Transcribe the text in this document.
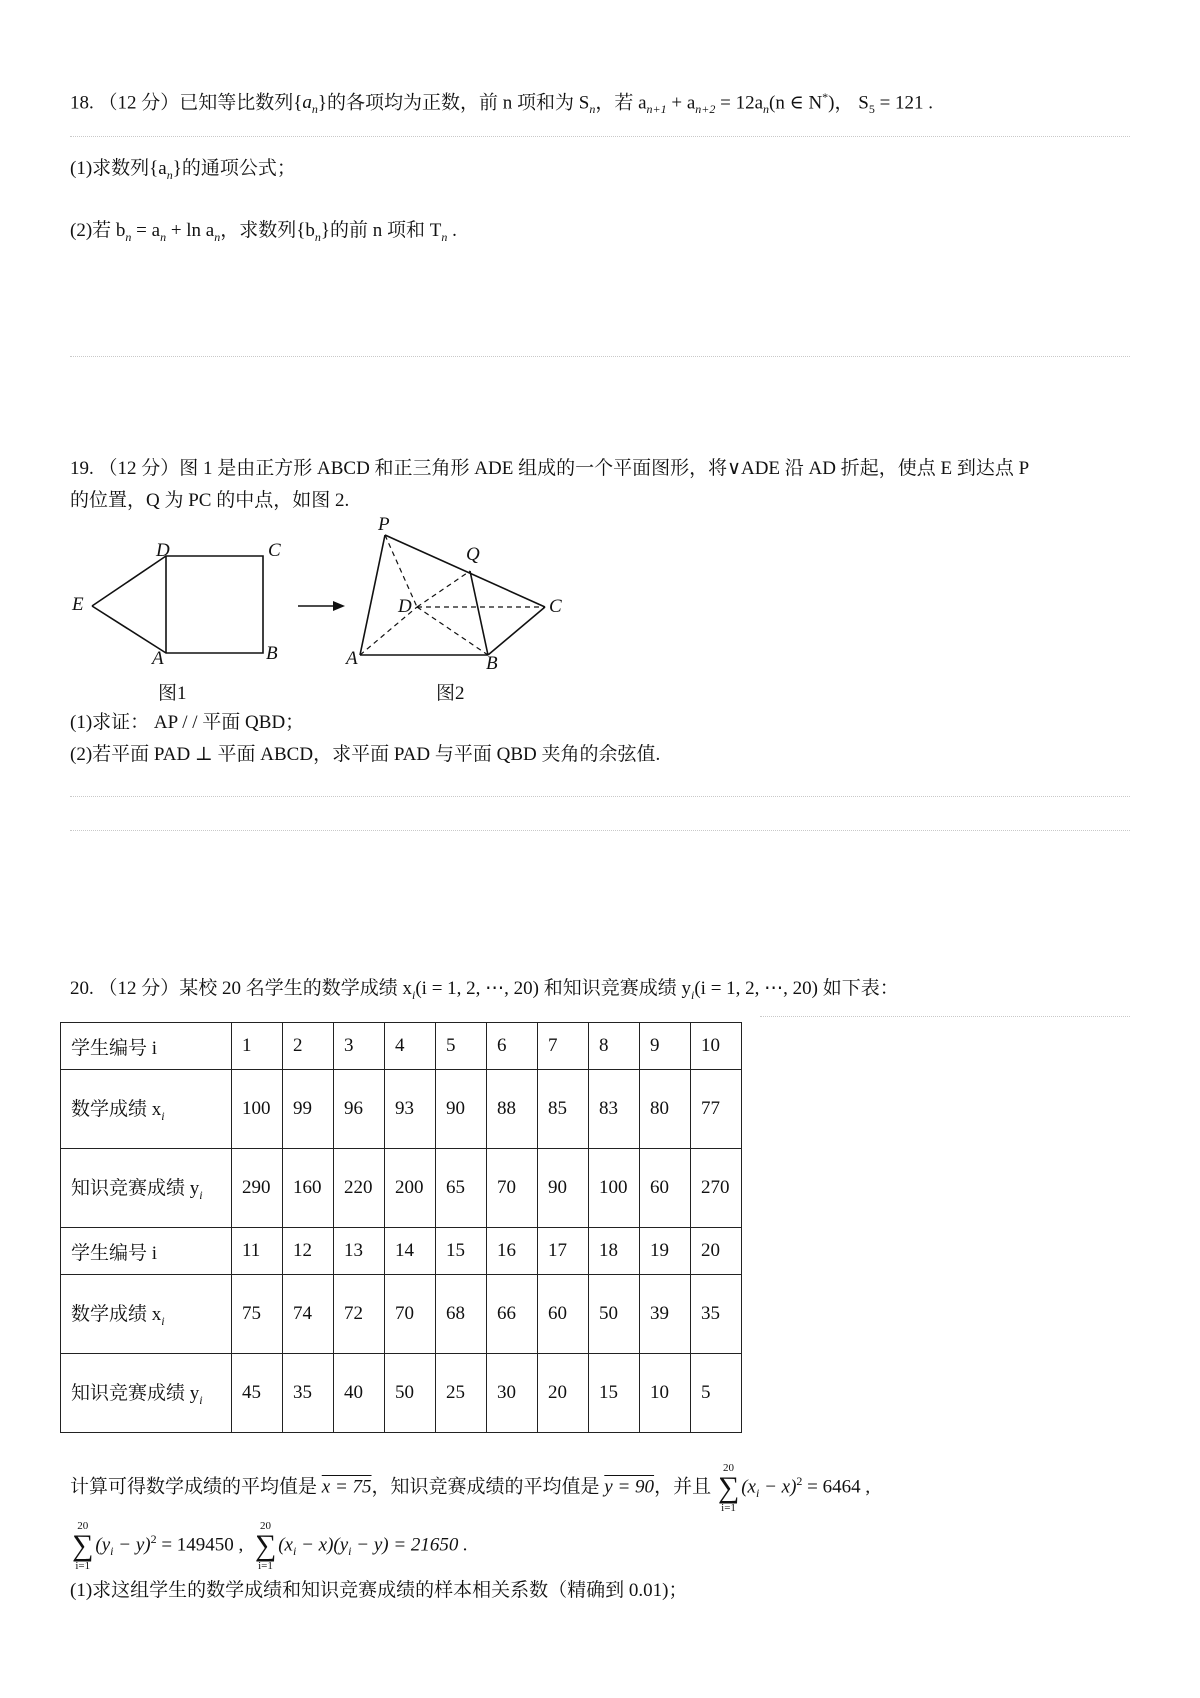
18. （12 分）已知等比数列$\{a_n\}$的各项均为正数，前 n 项和为 $S_n$，若 $a_{n+1} + a_{n+2} = 12a_n(n$ ∈ N*)， $S_5 = 121$ .
(1)求数列$\{a_n\}$的通项公式；
(2)若 $b_n = a_n + \ln a_n$，求数列$\{b_n\}$的前 n 项和 $T_n$ .
19. （12 分）图 1 是由正方形 ABCD 和正三角形 ADE 组成的一个平面图形，将∨ADE 沿 AD 折起，使点 E 到达点 P
的位置，Q 为 PC 的中点，如图 2.
D	C
E
A	B
图1
P
Q
D	C
A	B
图2
(1)求证： AP / / 平面 QBD；
(2)若平面 PAD ⊥ 平面 ABCD，求平面 PAD 与平面 QBD 夹角的余弦值.
20. （12 分）某校 20 名学生的数学成绩 $x_i(i = 1$, 2, ⋯, 20) 和知识竞赛成绩 $y_i(i = 1$, 2, ⋯, 20) 如下表：
学生编号 i	1	2	3	4	5	6	7	8	9	10
数学成绩 $x_i$	100	99	96	93	90	88	85	83	80	77
知识竞赛成绩 $y_i$	290	160	220	200	65	70	90	100	60	270
学生编号 i	11	12	13	14	15	16	17	18	19	20
数学成绩 $x_i$	75	74	72	70	68	66	60	50	39	35
知识竞赛成绩 $y_i$	45	35	40	50	25	30	20	15	10	5
计算可得数学成绩的平均值是 x = 75，知识竞赛成绩的平均值是 y = 90，并且
20
∑
i=1
$(x_i - x)^2 = 6464$ ,
20
∑
i=1
$(y_i - y)^2 = 149450$ ,
20
∑
i=1
$(x_i - x)(y_i - y) = 21650$ .
(1)求这组学生的数学成绩和知识竞赛成绩的样本相关系数（精确到 0.01)；
